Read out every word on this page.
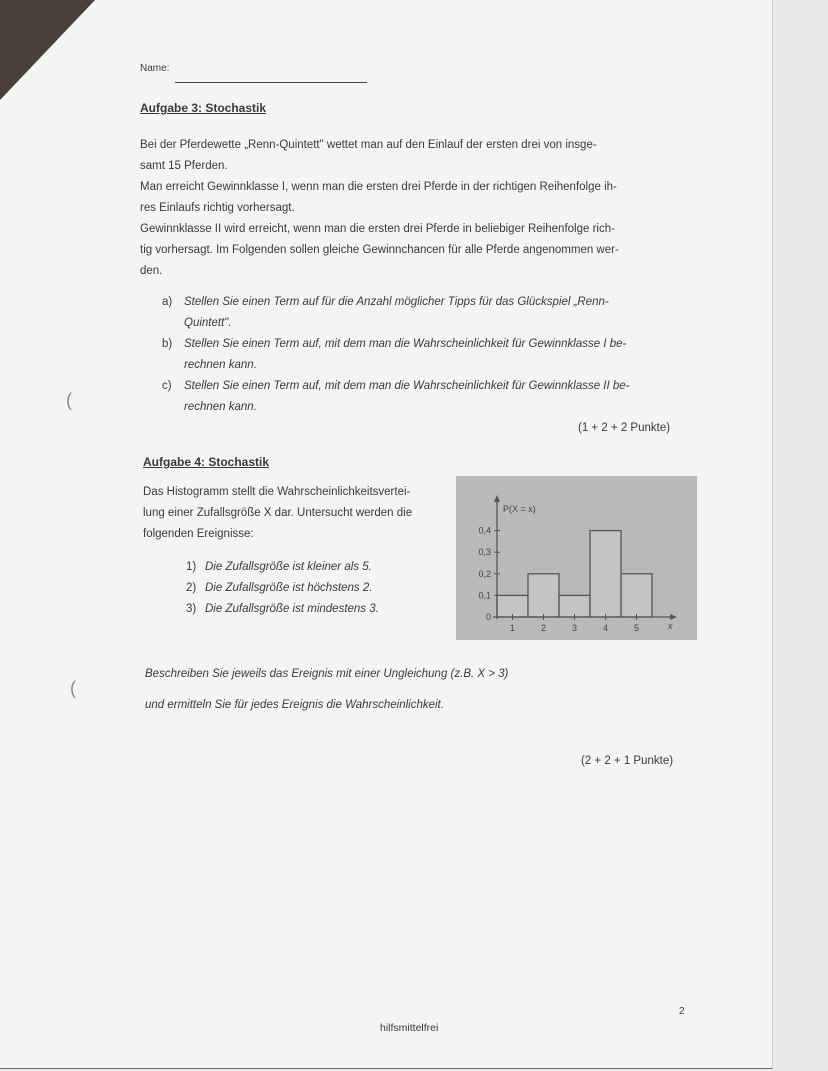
(
(
Name:
Aufgabe 3: Stochastik
Bei der Pferdewette „Renn-Quintett" wettet man auf den Einlauf der ersten drei von insge-
samt 15 Pferden.
Man erreicht Gewinnklasse I, wenn man die ersten drei Pferde in der richtigen Reihenfolge ih-
res Einlaufs richtig vorhersagt.
Gewinnklasse II wird erreicht, wenn man die ersten drei Pferde in beliebiger Reihenfolge rich-
tig vorhersagt. Im Folgenden sollen gleiche Gewinnchancen für alle Pferde angenommen wer-
den.
a) Stellen Sie einen Term auf für die Anzahl möglicher Tipps für das Glückspiel „Renn-
Quintett".
b) Stellen Sie einen Term auf, mit dem man die Wahrscheinlichkeit für Gewinnklasse I be-
rechnen kann.
c) Stellen Sie einen Term auf, mit dem man die Wahrscheinlichkeit für Gewinnklasse II be-
rechnen kann.
(1 + 2 + 2 Punkte)
Aufgabe 4: Stochastik
Das Histogramm stellt die Wahrscheinlichkeitsvertei-
lung einer Zufallsgröße X dar. Untersucht werden die
folgenden Ereignisse:
1) Die Zufallsgröße ist kleiner als 5.
2) Die Zufallsgröße ist höchstens 2.
3) Die Zufallsgröße ist mindestens 3.
1	2	3	4	5
0
0,1
0,2
0,3
0,4
P(X = x)
x
Beschreiben Sie jeweils das Ereignis mit einer Ungleichung (z.B. X > 3)
und ermitteln Sie für jedes Ereignis die Wahrscheinlichkeit.
(2 + 2 + 1 Punkte)
2
hilfsmittelfrei
